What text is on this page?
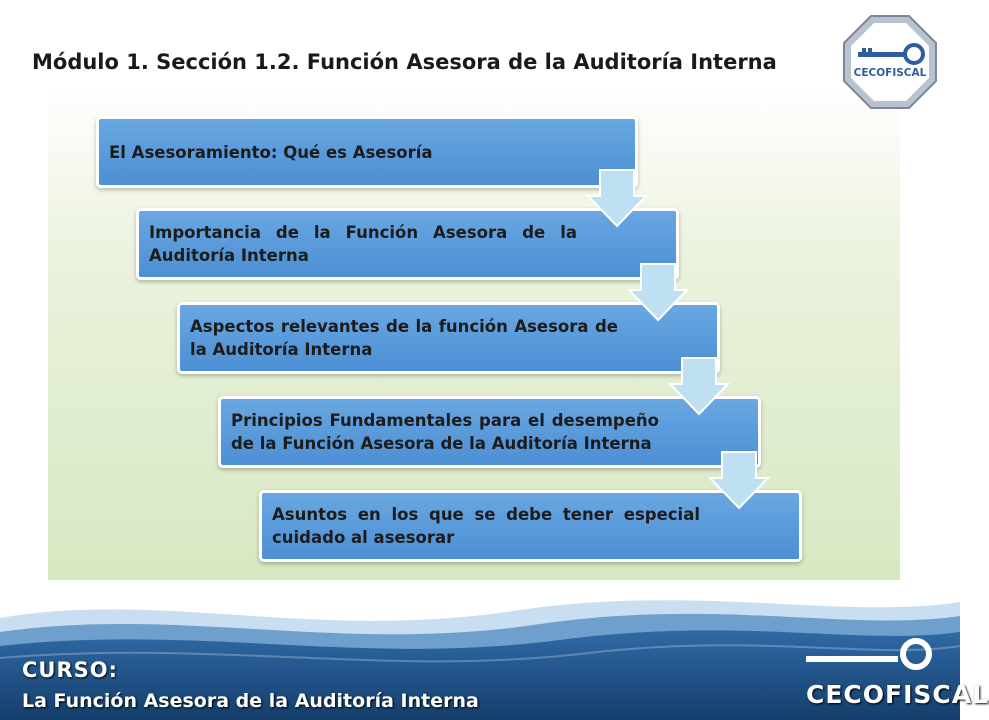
Módulo 1. Sección 1.2. Función Asesora de la Auditoría Interna	CECOFISCAL
El Asesoramiento: Qué es Asesoría
Importancia de la Función Asesora de la Auditoría Interna
Aspectos relevantes de la función Asesora de la Auditoría Interna
Principios Fundamentales para el desempeño de la Función Asesora de la Auditoría Interna
Asuntos en los que se debe tener especial cuidado al asesorar
CURSO:
La Función Asesora de la Auditoría Interna	CECOFISCAL
